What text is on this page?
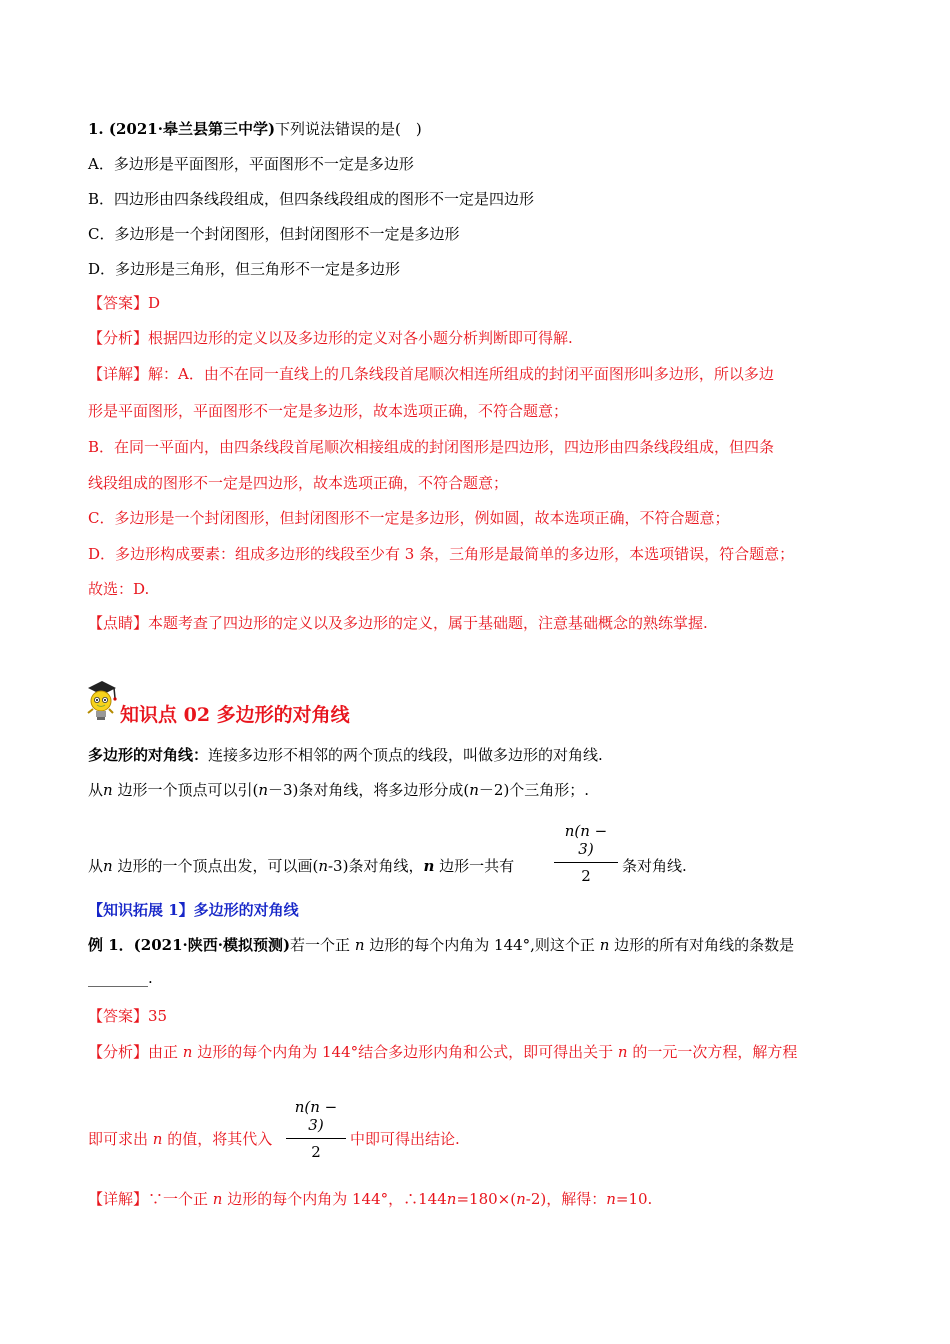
1. (2021·皋兰县第三中学)下列说法错误的是(　)
A．多边形是平面图形，平面图形不一定是多边形
B．四边形由四条线段组成，但四条线段组成的图形不一定是四边形
C．多边形是一个封闭图形，但封闭图形不一定是多边形
D．多边形是三角形，但三角形不一定是多边形
【答案】D
【分析】根据四边形的定义以及多边形的定义对各小题分析判断即可得解.
【详解】解：A．由不在同一直线上的几条线段首尾顺次相连所组成的封闭平面图形叫多边形，所以多边
形是平面图形，平面图形不一定是多边形，故本选项正确，不符合题意；
B．在同一平面内，由四条线段首尾顺次相接组成的封闭图形是四边形，四边形由四条线段组成，但四条
线段组成的图形不一定是四边形，故本选项正确，不符合题意；
C．多边形是一个封闭图形，但封闭图形不一定是多边形，例如圆，故本选项正确，不符合题意；
D．多边形构成要素：组成多边形的线段至少有 3 条，三角形是最简单的多边形，本选项错误，符合题意；
故选：D.
【点睛】本题考查了四边形的定义以及多边形的定义，属于基础题，注意基础概念的熟练掌握.
知识点 02 多边形的对角线
多边形的对角线：连接多边形不相邻的两个顶点的线段，叫做多边形的对角线.
从n 边形一个顶点可以引(n－3)条对角线，将多边形分成(n－2)个三角形；.
从n 边形的一个顶点出发，可以画(n-3)条对角线，n 边形一共有
n(n − 3)
2
条对角线.
【知识拓展 1】多边形的对角线
例 1．(2021·陕西·模拟预测)若一个正 n 边形的每个内角为 144°,则这个正 n 边形的所有对角线的条数是
________.
【答案】35
【分析】由正 n 边形的每个内角为 144°结合多边形内角和公式，即可得出关于 n 的一元一次方程，解方程
即可求出 n 的值，将其代入
n(n − 3)
2
中即可得出结论.
【详解】∵一个正 n 边形的每个内角为 144°，∴144n=180×(n-2)，解得：n=10.
